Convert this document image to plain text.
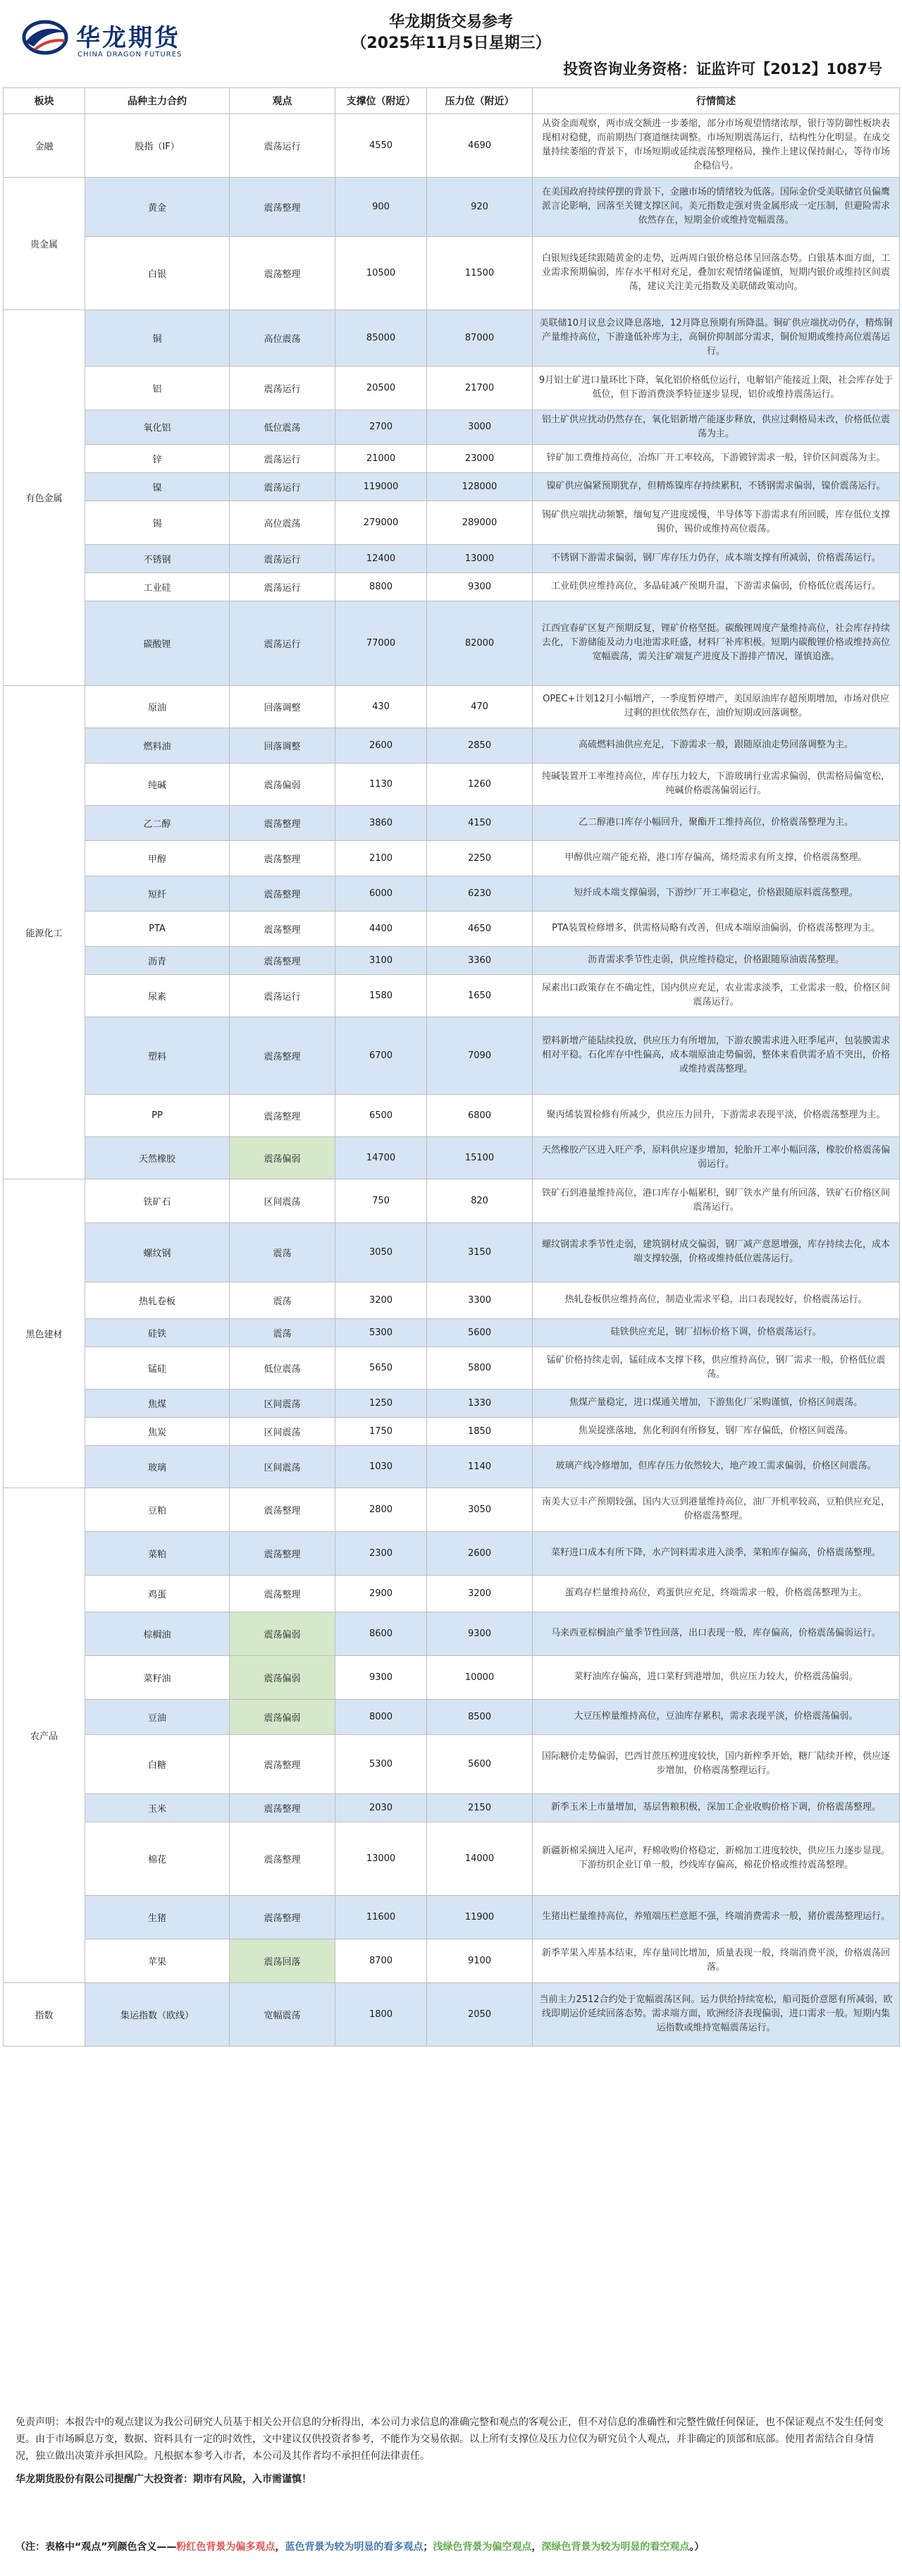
华龙期货
CHINA DRAGON FUTURES
华龙期货交易参考
（2025年11月5日星期三）
投资咨询业务资格：证监许可【2012】1087号
板块	品种主力合约	观点	支撑位（附近）	压力位（附近）	行情简述
金融	股指（IF）	震荡运行	4550	4690	从资金面观察，两市成交额进一步萎缩，部分市场观望情绪浓厚，银行等防御性板块表现相对稳健，而前期热门赛道继续调整。市场短期震荡运行，结构性分化明显。在成交量持续萎缩的背景下，市场短期或延续震荡整理格局，操作上建议保持耐心，等待市场企稳信号。
贵金属	黄金	震荡整理	900	920	在美国政府持续停摆的背景下，金融市场的情绪较为低落。国际金价受美联储官员偏鹰派言论影响，回落至关键支撑区间。美元指数走强对贵金属形成一定压制，但避险需求依然存在，短期金价或维持宽幅震荡。
	白银	震荡整理	10500	11500	白银短线延续跟随黄金的走势，近两周白银价格总体呈回落态势。白银基本面方面，工业需求预期偏弱，库存水平相对充足，叠加宏观情绪偏谨慎，短期内银价或维持区间震荡，建议关注美元指数及美联储政策动向。
有色金属	铜	高位震荡	85000	87000	美联储10月议息会议降息落地，12月降息预期有所降温。铜矿供应端扰动仍存，精炼铜产量维持高位，下游逢低补库为主，高铜价抑制部分需求，铜价短期或维持高位震荡运行。
	铝	震荡运行	20500	21700	9月铝土矿进口量环比下降，氧化铝价格低位运行，电解铝产能接近上限，社会库存处于低位，但下游消费淡季特征逐步显现，铝价或维持震荡运行。
	氧化铝	低位震荡	2700	3000	铝土矿供应扰动仍然存在，氧化铝新增产能逐步释放，供应过剩格局未改，价格低位震荡为主。
	锌	震荡运行	21000	23000	锌矿加工费维持高位，冶炼厂开工率较高，下游镀锌需求一般，锌价区间震荡为主。
	镍	震荡运行	119000	128000	镍矿供应偏紧预期犹存，但精炼镍库存持续累积，不锈钢需求偏弱，镍价震荡运行。
	锡	高位震荡	279000	289000	锡矿供应端扰动频繁，缅甸复产进度缓慢，半导体等下游需求有所回暖，库存低位支撑锡价，锡价或维持高位震荡。
	不锈钢	震荡运行	12400	13000	不锈钢下游需求偏弱，钢厂库存压力仍存，成本端支撑有所减弱，价格震荡运行。
	工业硅	震荡运行	8800	9300	工业硅供应维持高位，多晶硅减产预期升温，下游需求偏弱，价格低位震荡运行。
	碳酸锂	震荡运行	77000	82000	江西宜春矿区复产预期反复，锂矿价格坚挺。碳酸锂周度产量维持高位，社会库存持续去化，下游储能及动力电池需求旺盛，材料厂补库积极。短期内碳酸锂价格或维持高位宽幅震荡，需关注矿端复产进度及下游排产情况，谨慎追涨。
能源化工	原油	回落调整	430	470	OPEC+计划12月小幅增产，一季度暂停增产，美国原油库存超预期增加，市场对供应过剩的担忧依然存在，油价短期或回落调整。
	燃料油	回落调整	2600	2850	高硫燃料油供应充足，下游需求一般，跟随原油走势回落调整为主。
	纯碱	震荡偏弱	1130	1260	纯碱装置开工率维持高位，库存压力较大，下游玻璃行业需求偏弱，供需格局偏宽松，纯碱价格震荡偏弱运行。
	乙二醇	震荡整理	3860	4150	乙二醇港口库存小幅回升，聚酯开工维持高位，价格震荡整理为主。
	甲醇	震荡整理	2100	2250	甲醇供应端产能充裕，港口库存偏高，烯烃需求有所支撑，价格震荡整理。
	短纤	震荡整理	6000	6230	短纤成本端支撑偏弱，下游纱厂开工率稳定，价格跟随原料震荡整理。
	PTA	震荡整理	4400	4650	PTA装置检修增多，供需格局略有改善，但成本端原油偏弱，价格震荡整理为主。
	沥青	震荡整理	3100	3360	沥青需求季节性走弱，供应维持稳定，价格跟随原油震荡整理。
	尿素	震荡运行	1580	1650	尿素出口政策存在不确定性，国内供应充足，农业需求淡季，工业需求一般，价格区间震荡运行。
	塑料	震荡整理	6700	7090	塑料新增产能陆续投放，供应压力有所增加，下游农膜需求进入旺季尾声，包装膜需求相对平稳。石化库存中性偏高，成本端原油走势偏弱，整体来看供需矛盾不突出，价格或维持震荡整理。
	PP	震荡整理	6500	6800	聚丙烯装置检修有所减少，供应压力回升，下游需求表现平淡，价格震荡整理为主。
	天然橡胶	震荡偏弱	14700	15100	天然橡胶产区进入旺产季，原料供应逐步增加，轮胎开工率小幅回落，橡胶价格震荡偏弱运行。
黑色建材	铁矿石	区间震荡	750	820	铁矿石到港量维持高位，港口库存小幅累积，钢厂铁水产量有所回落，铁矿石价格区间震荡运行。
	螺纹钢	震荡	3050	3150	螺纹钢需求季节性走弱，建筑钢材成交偏弱，钢厂减产意愿增强，库存持续去化，成本端支撑较强，价格或维持低位震荡运行。
	热轧卷板	震荡	3200	3300	热轧卷板供应维持高位，制造业需求平稳，出口表现较好，价格震荡运行。
	硅铁	震荡	5300	5600	硅铁供应充足，钢厂招标价格下调，价格震荡运行。
	锰硅	低位震荡	5650	5800	锰矿价格持续走弱，锰硅成本支撑下移，供应维持高位，钢厂需求一般，价格低位震荡。
	焦煤	区间震荡	1250	1330	焦煤产量稳定，进口煤通关增加，下游焦化厂采购谨慎，价格区间震荡。
	焦炭	区间震荡	1750	1850	焦炭提涨落地，焦化利润有所修复，钢厂库存偏低，价格区间震荡。
	玻璃	区间震荡	1030	1140	玻璃产线冷修增加，但库存压力依然较大，地产竣工需求偏弱，价格区间震荡。
农产品	豆粕	震荡整理	2800	3050	南美大豆丰产预期较强，国内大豆到港量维持高位，油厂开机率较高，豆粕供应充足，价格震荡整理。
	菜粕	震荡整理	2300	2600	菜籽进口成本有所下降，水产饲料需求进入淡季，菜粕库存偏高，价格震荡整理。
	鸡蛋	震荡整理	2900	3200	蛋鸡存栏量维持高位，鸡蛋供应充足，终端需求一般，价格震荡整理为主。
	棕榈油	震荡偏弱	8600	9300	马来西亚棕榈油产量季节性回落，出口表现一般，库存偏高，价格震荡偏弱运行。
	菜籽油	震荡偏弱	9300	10000	菜籽油库存偏高，进口菜籽到港增加，供应压力较大，价格震荡偏弱。
	豆油	震荡偏弱	8000	8500	大豆压榨量维持高位，豆油库存累积，需求表现平淡，价格震荡偏弱。
	白糖	震荡整理	5300	5600	国际糖价走势偏弱，巴西甘蔗压榨进度较快，国内新榨季开始，糖厂陆续开榨，供应逐步增加，价格震荡整理运行。
	玉米	震荡整理	2030	2150	新季玉米上市量增加，基层售粮积极，深加工企业收购价格下调，价格震荡整理。
	棉花	震荡整理	13000	14000	新疆新棉采摘进入尾声，籽棉收购价格稳定，新棉加工进度较快，供应压力逐步显现。下游纺织企业订单一般，纱线库存偏高，棉花价格或维持震荡整理。
	生猪	震荡整理	11600	11900	生猪出栏量维持高位，养殖端压栏意愿不强，终端消费需求一般，猪价震荡整理运行。
	苹果	震荡回落	8700	9100	新季苹果入库基本结束，库存量同比增加，质量表现一般，终端消费平淡，价格震荡回落。
指数	集运指数（欧线）	宽幅震荡	1800	2050	当前主力2512合约处于宽幅震荡区间。运力供给持续宽松，船司挺价意愿有所减弱，欧线即期运价延续回落态势。需求端方面，欧洲经济表现偏弱，进口需求一般。短期内集运指数或维持宽幅震荡运行。

免责声明：本报告中的观点建议为我公司研究人员基于相关公开信息的分析得出，本公司力求信息的准确完整和观点的客观公正，但不对信息的准确性和完整性做任何保证，也不保证观点不发生任何变更。由于市场瞬息万变，数据、资料具有一定的时效性，文中建议仅供投资者参考，不能作为交易依据。以上所有支撑位及压力位仅为研究员个人观点，并非确定的顶部和底部。使用者需结合自身情况，独立做出决策并承担风险。凡根据本参考入市者，本公司及其作者均不承担任何法律责任。

华龙期货股份有限公司提醒广大投资者：期市有风险，入市需谨慎！

（注：表格中“观点”列颜色含义——粉红色背景为偏多观点，蓝色背景为较为明显的看多观点；浅绿色背景为偏空观点，深绿色背景为较为明显的看空观点。）
